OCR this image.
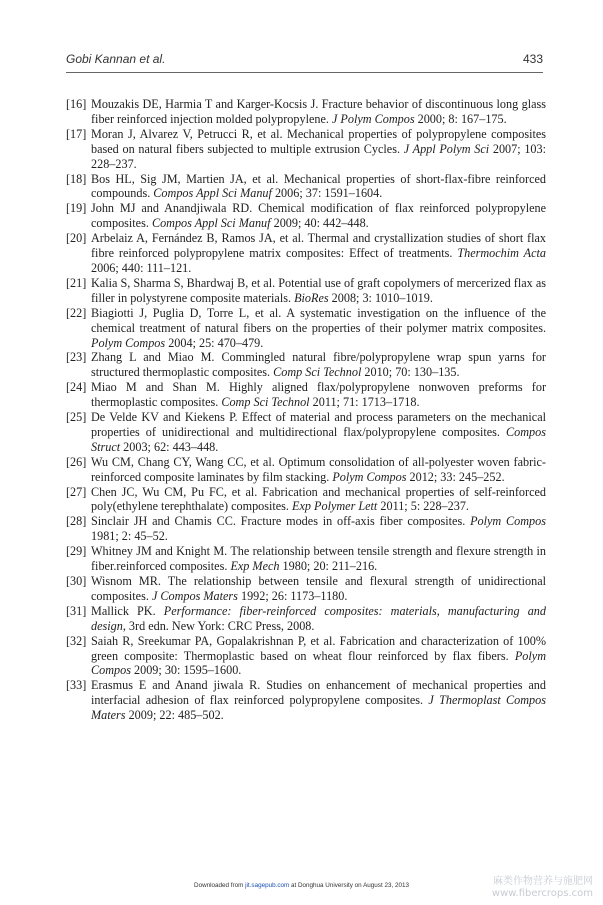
Gobi Kannan et al.	433
[16] Mouzakis DE, Harmia T and Karger-Kocsis J. Fracture behavior of discontinuous long glass fiber reinforced injection molded polypropylene. J Polym Compos 2000; 8: 167–175.
[17] Moran J, Alvarez V, Petrucci R, et al. Mechanical properties of polypropylene composites based on natural fibers subjected to multiple extrusion Cycles. J Appl Polym Sci 2007; 103: 228–237.
[18] Bos HL, Sig JM, Martien JA, et al. Mechanical properties of short-flax-fibre reinforced compounds. Compos Appl Sci Manuf 2006; 37: 1591–1604.
[19] John MJ and Anandjiwala RD. Chemical modification of flax reinforced polypropylene composites. Compos Appl Sci Manuf 2009; 40: 442–448.
[20] Arbelaiz A, Fernández B, Ramos JA, et al. Thermal and crystallization studies of short flax fibre reinforced polypropylene matrix composites: Effect of treatments. Thermochim Acta 2006; 440: 111–121.
[21] Kalia S, Sharma S, Bhardwaj B, et al. Potential use of graft copolymers of mercerized flax as filler in polystyrene composite materials. BioRes 2008; 3: 1010–1019.
[22] Biagiotti J, Puglia D, Torre L, et al. A systematic investigation on the influence of the chemical treatment of natural fibers on the properties of their polymer matrix composites. Polym Compos 2004; 25: 470–479.
[23] Zhang L and Miao M. Commingled natural fibre/polypropylene wrap spun yarns for structured thermoplastic composites. Comp Sci Technol 2010; 70: 130–135.
[24] Miao M and Shan M. Highly aligned flax/polypropylene nonwoven preforms for thermoplastic composites. Comp Sci Technol 2011; 71: 1713–1718.
[25] De Velde KV and Kiekens P. Effect of material and process parameters on the mechanical properties of unidirectional and multidirectional flax/polypropylene composites. Compos Struct 2003; 62: 443–448.
[26] Wu CM, Chang CY, Wang CC, et al. Optimum consolidation of all-polyester woven fabric-reinforced composite laminates by film stacking. Polym Compos 2012; 33: 245–252.
[27] Chen JC, Wu CM, Pu FC, et al. Fabrication and mechanical properties of self-reinforced poly(ethylene terephthalate) composites. Exp Polymer Lett 2011; 5: 228–237.
[28] Sinclair JH and Chamis CC. Fracture modes in off-axis fiber composites. Polym Compos 1981; 2: 45–52.
[29] Whitney JM and Knight M. The relationship between tensile strength and flexure strength in fiber.reinforced composites. Exp Mech 1980; 20: 211–216.
[30] Wisnom MR. The relationship between tensile and flexural strength of unidirectional composites. J Compos Maters 1992; 26: 1173–1180.
[31] Mallick PK. Performance: fiber-reinforced composites: materials, manufacturing and design, 3rd edn. New York: CRC Press, 2008.
[32] Saiah R, Sreekumar PA, Gopalakrishnan P, et al. Fabrication and characterization of 100% green composite: Thermoplastic based on wheat flour reinforced by flax fibers. Polym Compos 2009; 30: 1595–1600.
[33] Erasmus E and Anand jiwala R. Studies on enhancement of mechanical properties and interfacial adhesion of flax reinforced polypropylene composites. J Thermoplast Compos Maters 2009; 22: 485–502.
Downloaded from jit.sagepub.com at Donghua University on August 23, 2013	麻类作物营养与施肥网
www.fibercrops.com
